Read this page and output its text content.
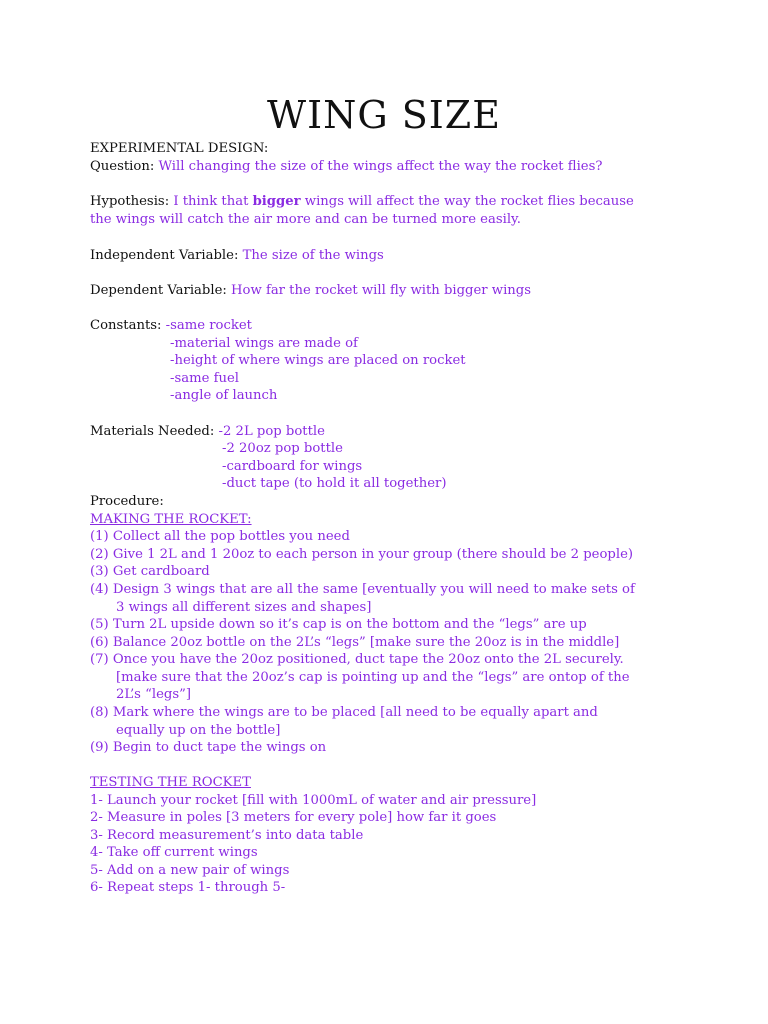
WING SIZE
EXPERIMENTAL DESIGN:
Question: Will changing the size of the wings affect the way the rocket flies?
Hypothesis: I think that bigger wings will affect the way the rocket flies because
the wings will catch the air more and can be turned more easily.
Independent Variable: The size of the wings
Dependent Variable: How far the rocket will fly with bigger wings
Constants: -same rocket
-material wings are made of
-height of where wings are placed on rocket
-same fuel
-angle of launch
Materials Needed: -2 2L pop bottle
-2 20oz pop bottle
-cardboard for wings
-duct tape (to hold it all together)
Procedure:
MAKING THE ROCKET:
(1) Collect all the pop bottles you need
(2) Give 1 2L and 1 20oz to each person in your group (there should be 2 people)
(3) Get cardboard
(4) Design 3 wings that are all the same [eventually you will need to make sets of
3 wings all different sizes and shapes]
(5) Turn 2L upside down so it’s cap is on the bottom and the “legs” are up
(6) Balance 20oz bottle on the 2L’s “legs” [make sure the 20oz is in the middle]
(7) Once you have the 20oz positioned, duct tape the 20oz onto the 2L securely.
[make sure that the 20oz’s cap is pointing up and the “legs” are ontop of the
2L’s “legs”]
(8) Mark where the wings are to be placed [all need to be equally apart and
equally up on the bottle]
(9) Begin to duct tape the wings on
TESTING THE ROCKET
1- Launch your rocket [fill with 1000mL of water and air pressure]
2- Measure in poles [3 meters for every pole] how far it goes
3- Record measurement’s into data table
4- Take off current wings
5- Add on a new pair of wings
6- Repeat steps 1- through 5-
